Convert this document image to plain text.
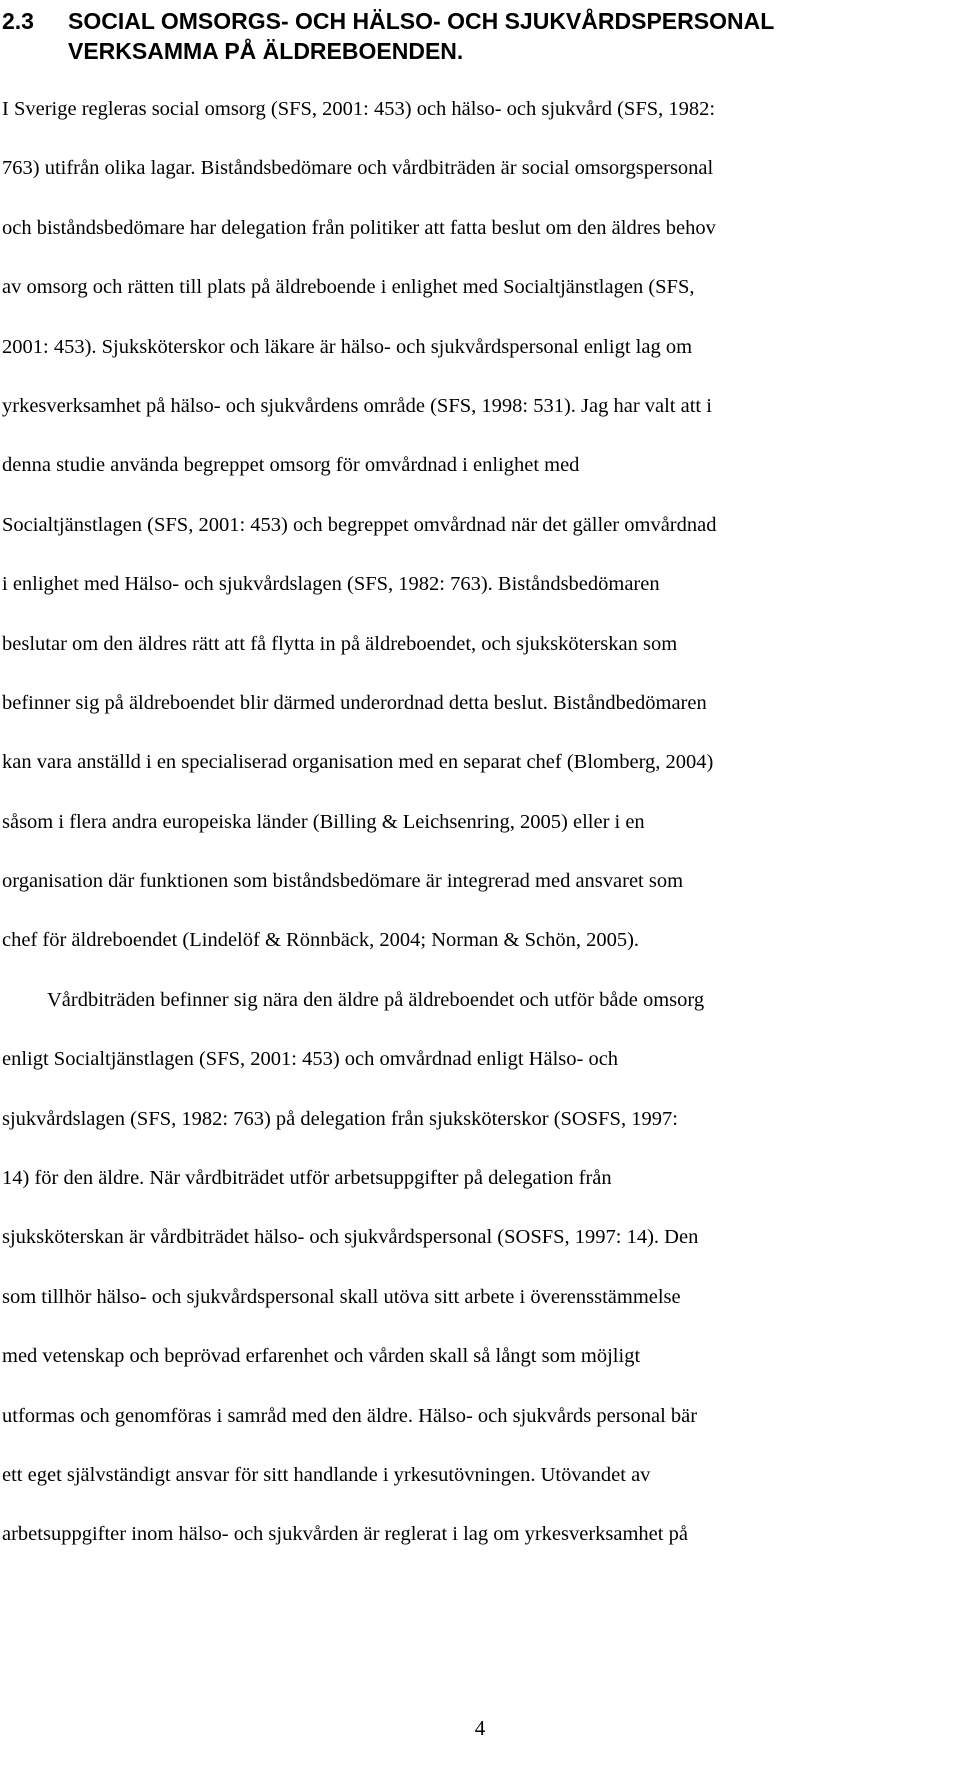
2.3 SOCIAL OMSORGS- OCH HÄLSO- OCH SJUKVÅRDSPERSONAL
VERKSAMMA PÅ ÄLDREBOENDEN.
I Sverige regleras social omsorg (SFS, 2001: 453) och hälso- och sjukvård (SFS, 1982:
763) utifrån olika lagar. Biståndsbedömare och vårdbiträden är social omsorgspersonal
och biståndsbedömare har delegation från politiker att fatta beslut om den äldres behov
av omsorg och rätten till plats på äldreboende i enlighet med Socialtjänstlagen (SFS,
2001: 453). Sjuksköterskor och läkare är hälso- och sjukvårdspersonal enligt lag om
yrkesverksamhet på hälso- och sjukvårdens område (SFS, 1998: 531). Jag har valt att i
denna studie använda begreppet omsorg för omvårdnad i enlighet med
Socialtjänstlagen (SFS, 2001: 453) och begreppet omvårdnad när det gäller omvårdnad
i enlighet med Hälso- och sjukvårdslagen (SFS, 1982: 763). Biståndsbedömaren
beslutar om den äldres rätt att få flytta in på äldreboendet, och sjuksköterskan som
befinner sig på äldreboendet blir därmed underordnad detta beslut. Biståndbedömaren
kan vara anställd i en specialiserad organisation med en separat chef (Blomberg, 2004)
såsom i flera andra europeiska länder (Billing & Leichsenring, 2005) eller i en
organisation där funktionen som biståndsbedömare är integrerad med ansvaret som
chef för äldreboendet (Lindelöf & Rönnbäck, 2004; Norman & Schön, 2005).
Vårdbiträden befinner sig nära den äldre på äldreboendet och utför både omsorg
enligt Socialtjänstlagen (SFS, 2001: 453) och omvårdnad enligt Hälso- och
sjukvårdslagen (SFS, 1982: 763) på delegation från sjuksköterskor (SOSFS, 1997:
14) för den äldre. När vårdbiträdet utför arbetsuppgifter på delegation från
sjuksköterskan är vårdbiträdet hälso- och sjukvårdspersonal (SOSFS, 1997: 14). Den
som tillhör hälso- och sjukvårdspersonal skall utöva sitt arbete i överensstämmelse
med vetenskap och beprövad erfarenhet och vården skall så långt som möjligt
utformas och genomföras i samråd med den äldre. Hälso- och sjukvårds personal bär
ett eget självständigt ansvar för sitt handlande i yrkesutövningen. Utövandet av
arbetsuppgifter inom hälso- och sjukvården är reglerat i lag om yrkesverksamhet på
4
